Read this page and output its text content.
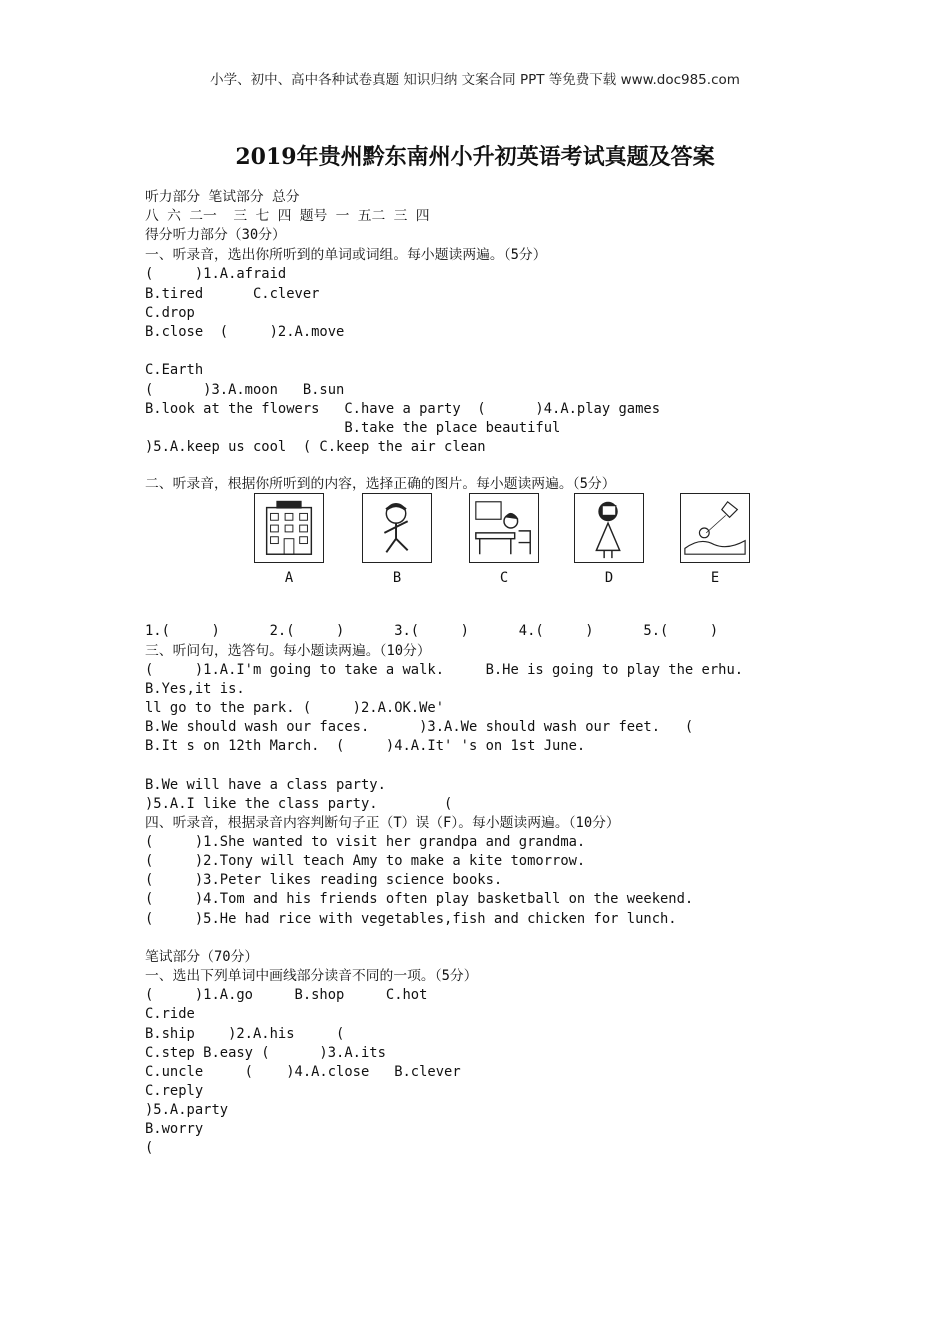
小学、初中、高中各种试卷真题 知识归纳 文案合同 PPT 等免费下载 www.doc985.com
2019年贵州黔东南州小升初英语考试真题及答案
听力部分 笔试部分 总分
八 六 二一  三 七 四 题号 一 五二 三 四
得分听力部分（30分）
一、听录音，选出你所听到的单词或词组。每小题读两遍。（5分）
(     )1.A.afraid
B.tired      C.clever
C.drop
B.close  (     )2.A.move
C.Earth
(      )3.A.moon   B.sun
B.look at the flowers   C.have a party  (      )4.A.play games
B.take the place beautiful
)5.A.keep us cool  ( C.keep the air clean
二、听录音，根据你所听到的内容，选择正确的图片。每小题读两遍。（5分）
A	B	C	D	E
1.(     )      2.(     )      3.(     )      4.(     )      5.(     )
三、听问句，选答句。每小题读两遍。（10分）
(     )1.A.I'm going to take a walk.     B.He is going to play the erhu.
B.Yes,it is.
ll go to the park. (     )2.A.OK.We'
B.We should wash our faces.      )3.A.We should wash our feet.   (
B.It s on 12th March.  (     )4.A.It' 's on 1st June.
B.We will have a class party.
)5.A.I like the class party.        (
四、听录音，根据录音内容判断句子正（T）误（F）。每小题读两遍。（10分）
(     )1.She wanted to visit her grandpa and grandma.
(     )2.Tony will teach Amy to make a kite tomorrow.
(     )3.Peter likes reading science books.
(     )4.Tom and his friends often play basketball on the weekend.
(     )5.He had rice with vegetables,fish and chicken for lunch.
笔试部分（70分）
一、选出下列单词中画线部分读音不同的一项。（5分）
(     )1.A.go     B.shop     C.hot
C.ride
B.ship    )2.A.his     (
C.step B.easy (      )3.A.its
C.uncle     (    )4.A.close   B.clever
C.reply
)5.A.party
B.worry
(
